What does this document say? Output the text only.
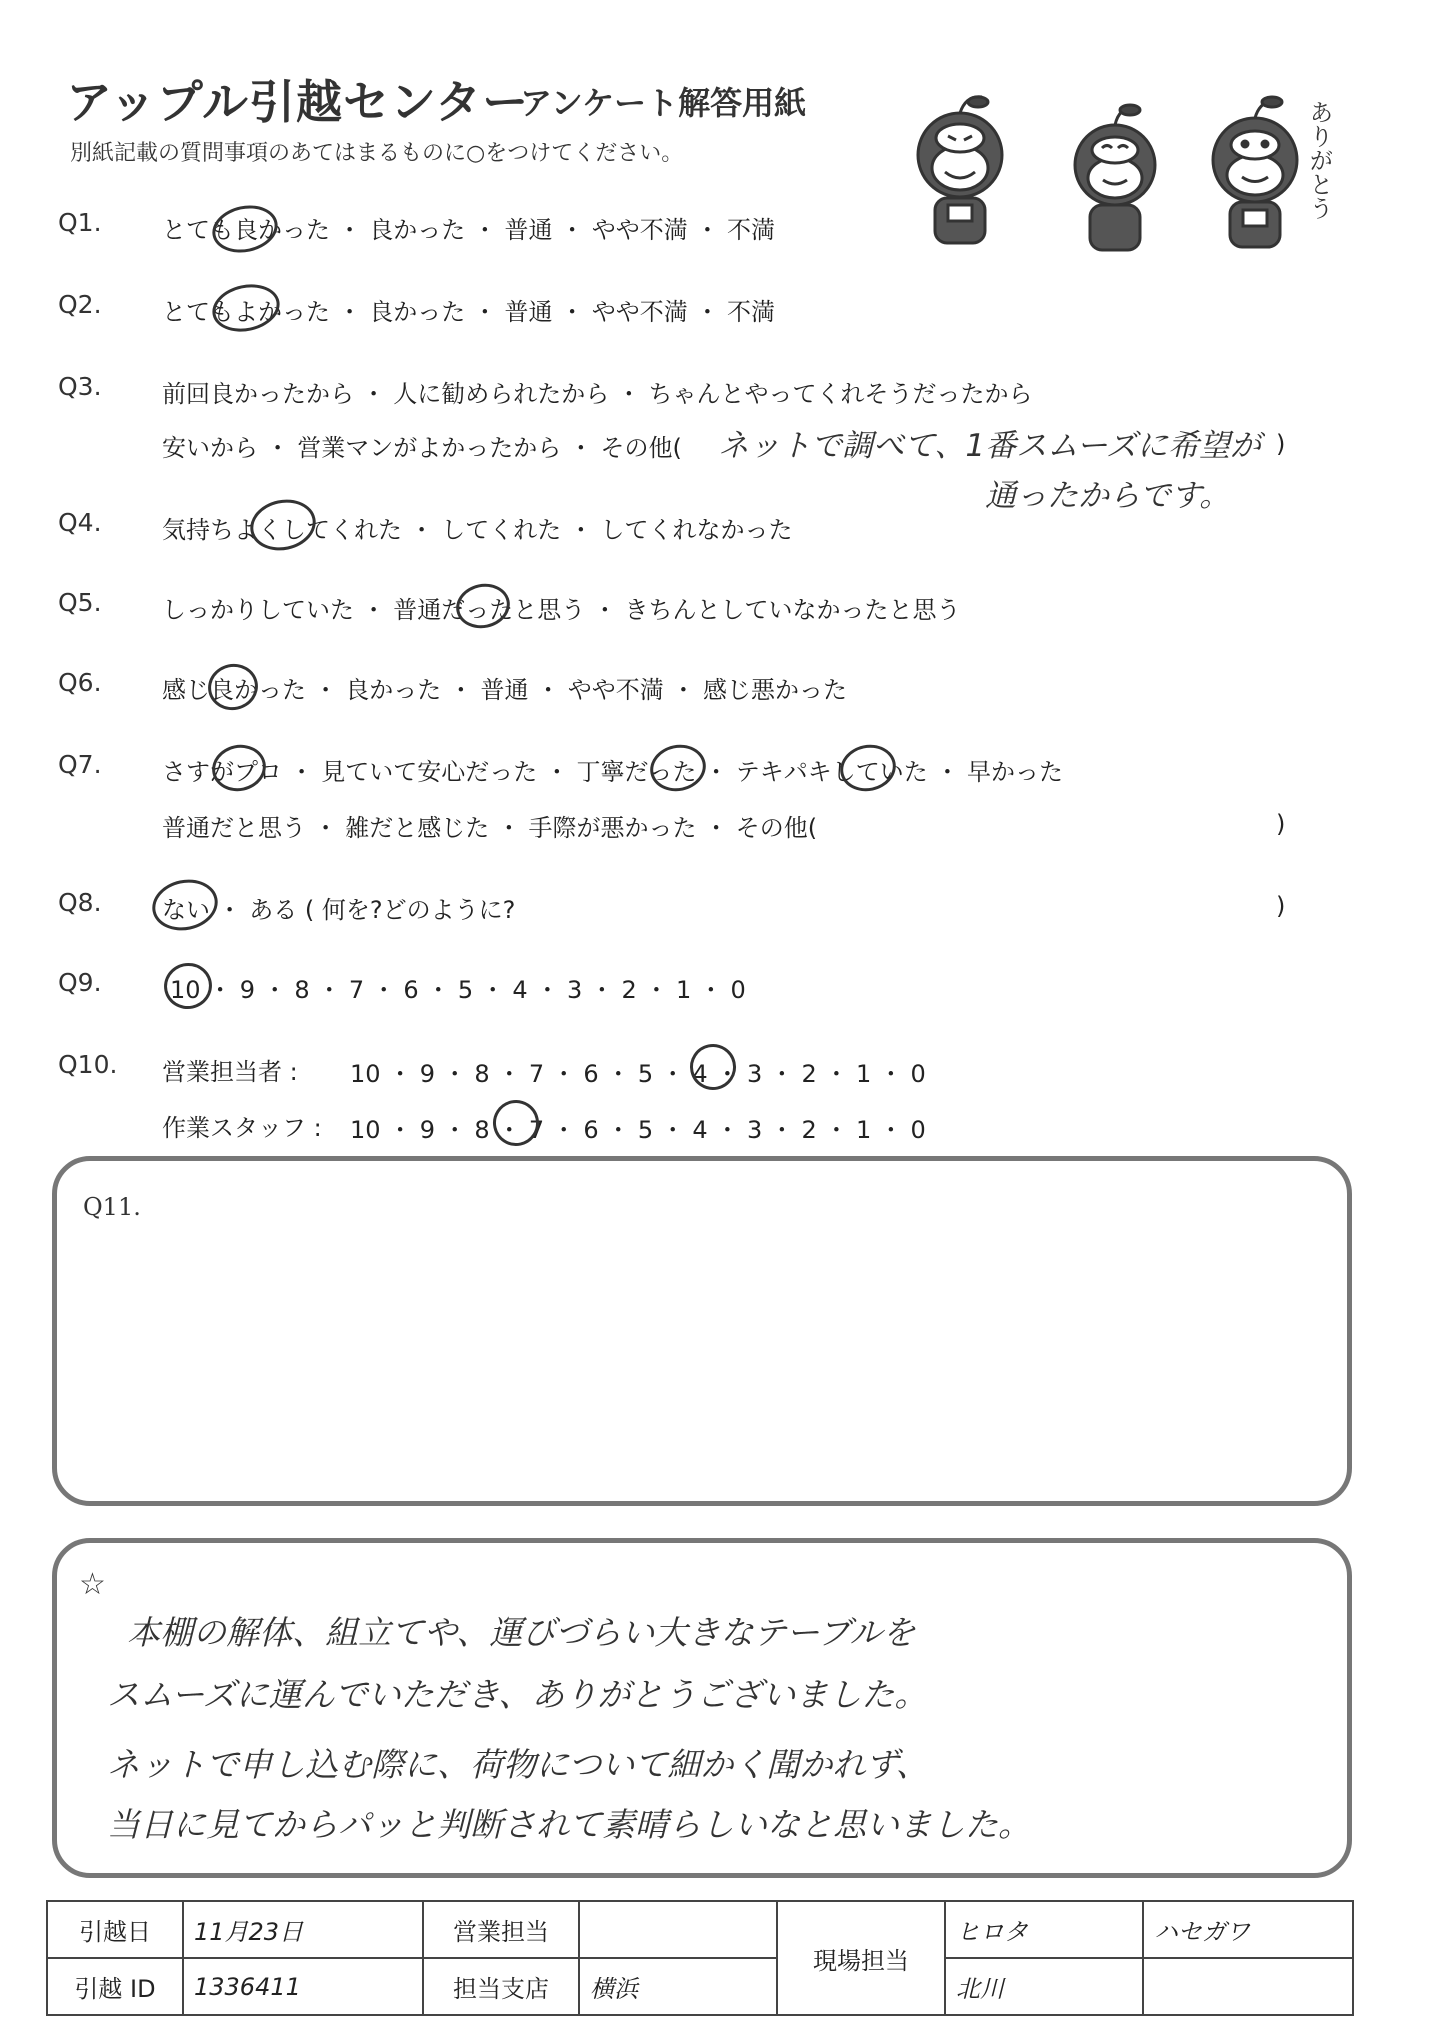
アップル引越センター
アンケート解答用紙
別紙記載の質問事項のあてはまるものに○をつけてください。	ありがとう
Q1.	とても良かった ・ 良かった ・ 普通 ・ やや不満 ・ 不満
Q2.	とてもよかった ・ 良かった ・ 普通 ・ やや不満 ・ 不満
Q3.	前回良かったから ・ 人に勧められたから ・ ちゃんとやってくれそうだったから
安いから ・ 営業マンがよかったから ・ その他( ネットで調べて、1番スムーズに希望が )
通ったからです。
Q4.	気持ちよくしてくれた ・ してくれた ・ してくれなかった
Q5.	しっかりしていた ・ 普通だったと思う ・ きちんとしていなかったと思う
Q6.	感じ良かった ・ 良かった ・ 普通 ・ やや不満 ・ 感じ悪かった
Q7.	さすがプロ ・ 見ていて安心だった ・ 丁寧だった ・ テキパキしていた ・ 早かった
普通だと思う ・ 雑だと感じた ・ 手際が悪かった ・ その他(	)
Q8.	ない ・ ある ( 何を?どのように?	)
Q9.	10 ・ 9 ・ 8 ・ 7 ・ 6 ・ 5 ・ 4 ・ 3 ・ 2 ・ 1 ・ 0
Q10. 営業担当者 : 10 ・ 9 ・ 8 ・ 7 ・ 6 ・ 5 ・ 4 ・ 3 ・ 2 ・ 1 ・ 0
作業スタッフ : 10 ・ 9 ・ 8 ・ 7 ・ 6 ・ 5 ・ 4 ・ 3 ・ 2 ・ 1 ・ 0
Q11.
☆
本棚の解体、組立てや、運びづらい大きなテーブルを
スムーズに運んでいただき、ありがとうございました。
ネットで申し込む際に、荷物について細かく聞かれず、
当日に見てからパッと判断されて素晴らしいなと思いました。
引越日	11月23日	営業担当		現場担当	ヒロタ	ハセガワ
引越 ID	1336411	担当支店	横浜		北川	
